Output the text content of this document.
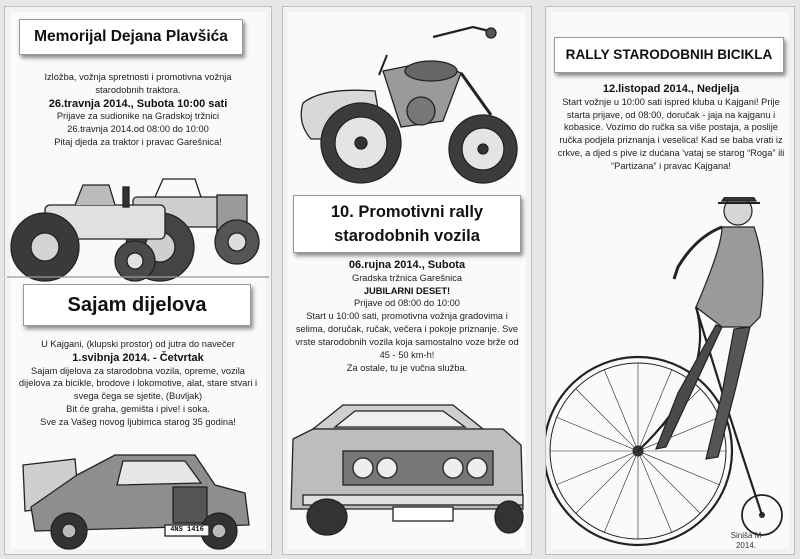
Memorijal Dejana Plavšića
Izložba, vožnja spretnosti i promotivna vožnja starodobnih traktora.
26.travnja 2014., Subota 10:00 sati
Prijave za sudionike na Gradskoj tržnici
26.travnja 2014.od 08:00 do 10:00
Pitaj djeda za traktor i pravac Garešnica!
Sajam dijelova
U Kajgani, (klupski prostor) od jutra do navečer
1.svibnja 2014. - Četvrtak
Sajam dijelova za starodobna vozila, opreme, vozila dijelova za bicikle, brodove i lokomotive, alat, stare stvari i svega čega se sjetite, (Buvljak)
Bit će graha, gemišta i pive! i soka.
Sve za Vašeg novog ljubimca starog 35 godina!
4NS 1416
10. Promotivni rally starodobnih vozila
06.rujna 2014., Subota
Gradska tržnica Garešnica
JUBILARNI DESET!
Prijave od 08:00 do 10:00
Start u 10:00 sati, promotivna vožnja gradovima i selima, doručak, ručak, večera i pokoje priznanje. Sve vrste starodobnih vozila koja samostalno voze brže od 45 - 50 km-h!
Za ostale, tu je vučna služba.
RALLY STARODOBNIH BICIKLA
12.listopad 2014., Nedjelja
Start vožnje u 10:00 sati ispred kluba u Kajgani! Prije starta prijave, od 08:00, doručak - jaja na kajganu i kobasice. Vozimo do ručka sa više postaja, a poslije ručka podjela priznanja i veselica! Kad se baba vrati iz crkve, a djed s pive iz dućana 'vataj se starog “Roga” ili “Partizana” i pravac Kajgana!
Siniša M
2014.
